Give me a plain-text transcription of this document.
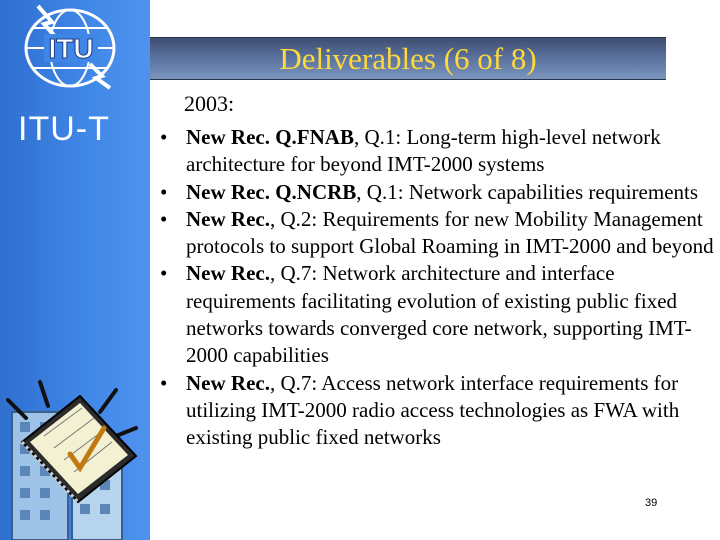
ITU
ITU-T
Deliverables (6 of 8)
2003:
• New Rec. Q.FNAB, Q.1: Long-term high-level network architecture for beyond IMT-2000 systems
• New Rec. Q.NCRB, Q.1: Network capabilities requirements
• New Rec., Q.2: Requirements for new Mobility Management protocols to support Global Roaming in IMT-2000 and beyond
• New Rec., Q.7: Network architecture and interface requirements facilitating evolution of existing public fixed networks towards converged core network, supporting IMT-2000 capabilities
• New Rec., Q.7: Access network interface requirements for utilizing IMT-2000 radio access technologies as FWA with existing public fixed networks
39
